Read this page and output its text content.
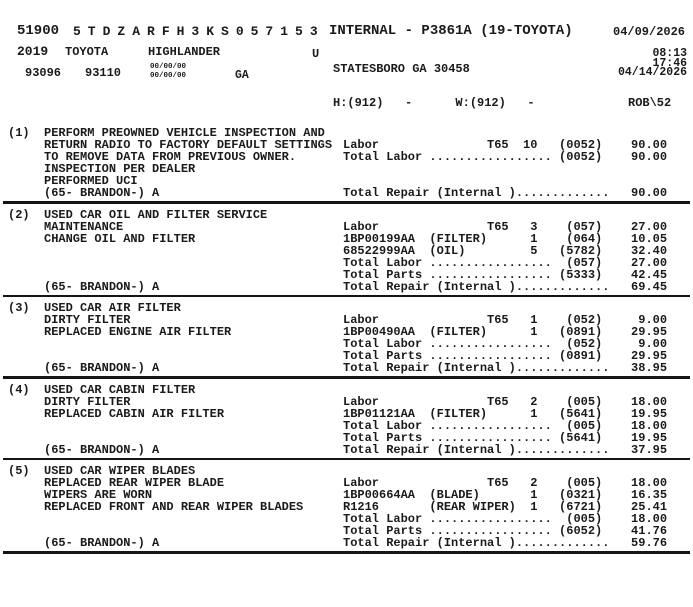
51900 5 T D Z A R F H 3 K S 0 5 7 1 5 3 INTERNAL - P3861A (19-TOYOTA)	04/09/2026
2019 TOYOTA	HIGHLANDER	U	08:13
17:46
04/14/2026
STATESBORO GA 30458
93096 93110	00/00/00
00/00/00	GA
H:(912)   -      W:(912)   -	ROB\52
(1)  PERFORM PREOWNED VEHICLE INSPECTION AND
RETURN RADIO TO FACTORY DEFAULT SETTINGS Labor               T65  10   (0052)    90.00
TO REMOVE DATA FROM PREVIOUS OWNER.	Total Labor ................. (0052)    90.00
INSPECTION PER DEALER
PERFORMED UCI
(65- BRANDON-) A	Total Repair (Internal ).............   90.00
(2)  USED CAR OIL AND FILTER SERVICE
MAINTENANCE	Labor               T65   3    (057)    27.00
CHANGE OIL AND FILTER	1BP00199AA  (FILTER)      1    (064)    10.05
68522999AA  (OIL)         5   (5782)    32.40
Total Labor .................  (057)    27.00
Total Parts ................. (5333)    42.45
(65- BRANDON-) A	Total Repair (Internal ).............   69.45
(3)  USED CAR AIR FILTER
DIRTY FILTER	Labor               T65   1    (052)     9.00
REPLACED ENGINE AIR FILTER	1BP00490AA  (FILTER)      1   (0891)    29.95
Total Labor .................  (052)     9.00
Total Parts ................. (0891)    29.95
(65- BRANDON-) A	Total Repair (Internal ).............   38.95
(4)  USED CAR CABIN FILTER
DIRTY FILTER	Labor               T65   2    (005)    18.00
REPLACED CABIN AIR FILTER	1BP01121AA  (FILTER)      1   (5641)    19.95
Total Labor .................  (005)    18.00
Total Parts ................. (5641)    19.95
(65- BRANDON-) A	Total Repair (Internal ).............   37.95
(5)  USED CAR WIPER BLADES
REPLACED REAR WIPER BLADE	Labor               T65   2    (005)    18.00
WIPERS ARE WORN	1BP00664AA  (BLADE)       1   (0321)    16.35
REPLACED FRONT AND REAR WIPER BLADES	R1216       (REAR WIPER)  1   (6721)    25.41
Total Labor .................  (005)    18.00
Total Parts ................. (6052)    41.76
(65- BRANDON-) A	Total Repair (Internal ).............   59.76
